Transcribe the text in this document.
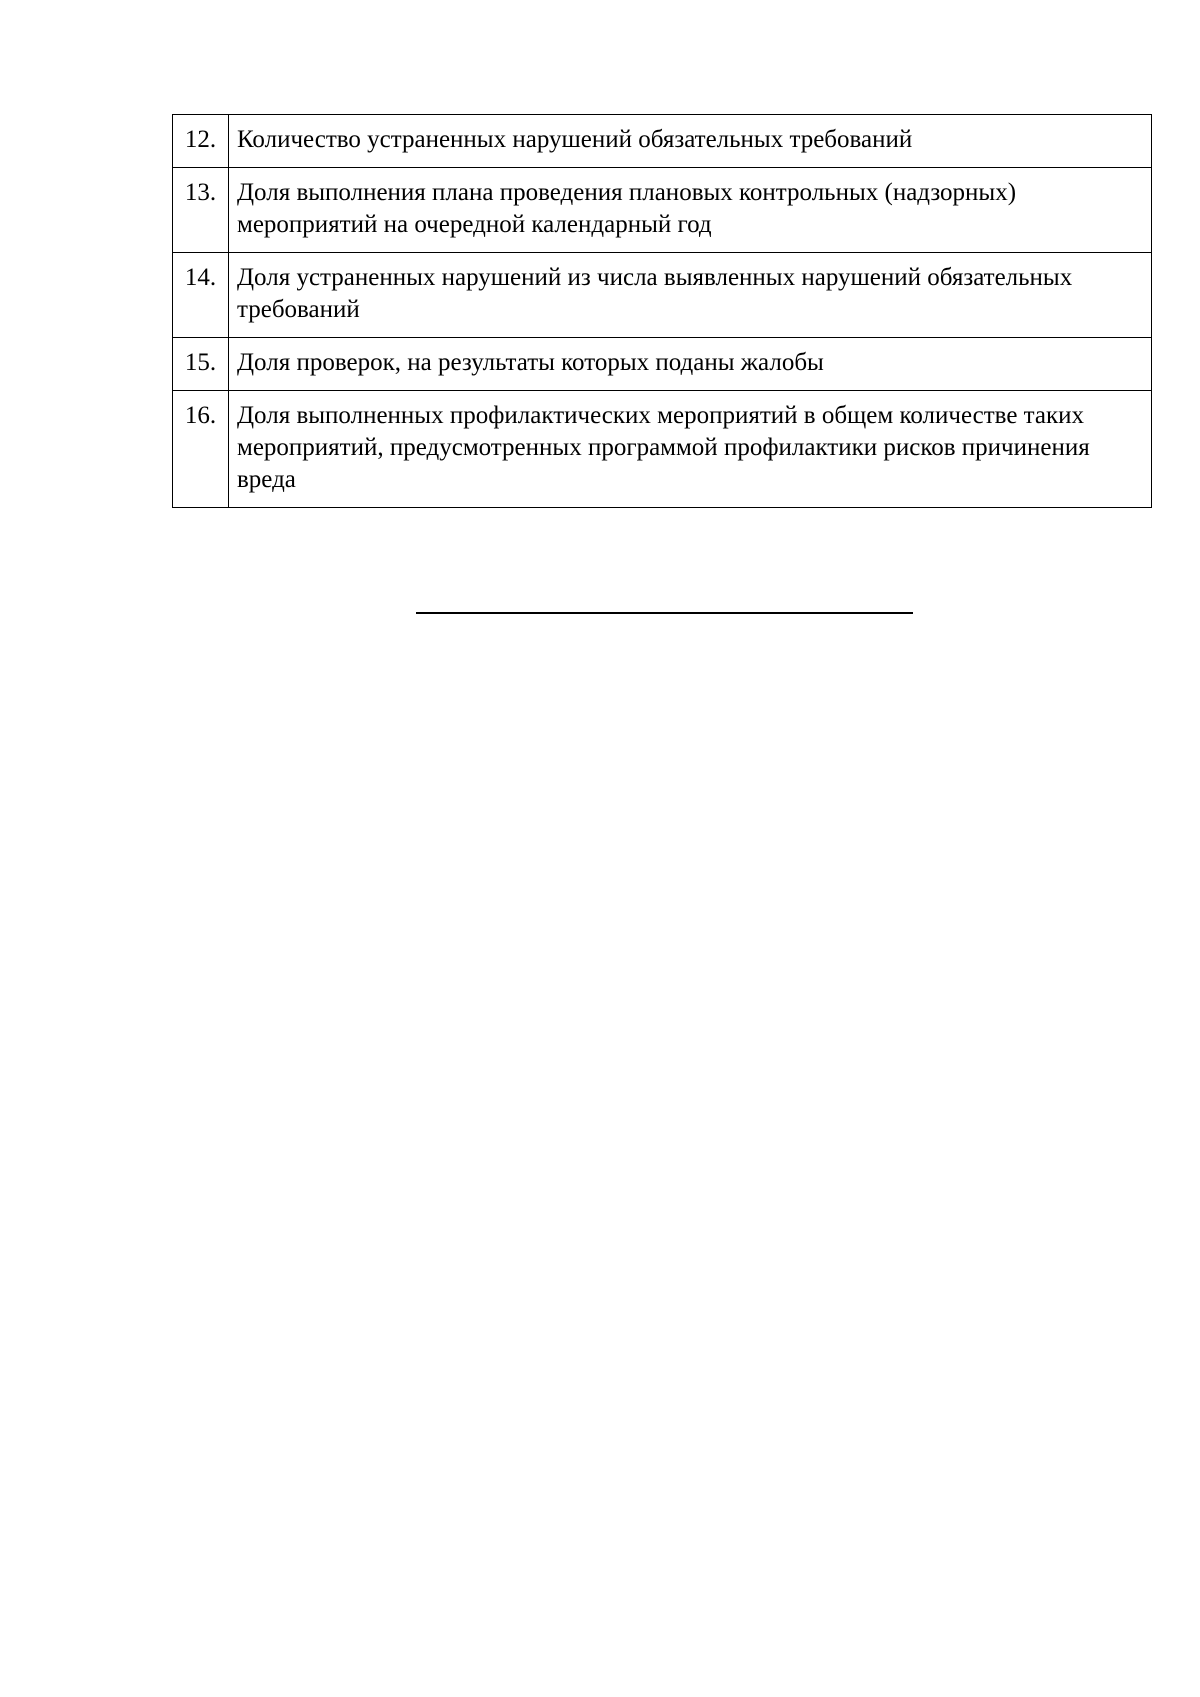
12.	Количество устраненных нарушений обязательных требований
13.	Доля выполнения плана проведения плановых контрольных (надзорных) мероприятий на очередной календарный год
14.	Доля устраненных нарушений из числа выявленных нарушений обязательных требований
15.	Доля проверок, на результаты которых поданы жалобы
16.	Доля выполненных профилактических мероприятий в общем количестве таких мероприятий, предусмотренных программой профилактики рисков причинения вреда
